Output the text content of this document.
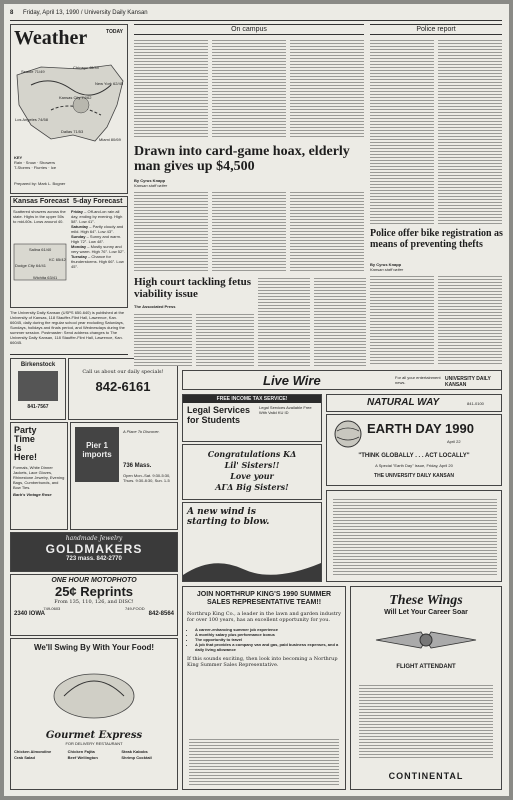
8 Friday, April 13, 1990 / University Daily Kansan
Weather	TODAY
Seattle 71/49
Chicago 48/39
New York 62/45
Kansas City 74/62
Los Angeles 74/58
Dallas 71/53
Miami 80/69
KEY
Rain · Snow · Showers
T-Storms · Flurries · Ice
Prepared by: Mark L. Bogner
Kansas Forecast 5-day Forecast
Scattered showers across the state. Highs in the upper 50s to mid-60s. Lows around 40.
Salina 61/40
Dodge City 64/41
KC 65/42
Wichita 63/41
Friday – Off-and-on rain all day, ending by evening. High 58°. Low 41°.
Saturday – Partly cloudy and mild. High 64°. Low 43°.
Sunday – Sunny and warm. High 72°. Low 48°.
Monday – Mostly sunny and very warm. High 76°. Low 52°.
Tuesday – Chance for thunderstorms. High 66°. Low 45°.
The University Daily Kansan (USPS 650-640) is published at the University of Kansas, 118 Stauffer-Flint Hall, Lawrence, Kan. 66045, daily during the regular school year excluding Saturdays, Sundays, holidays and finals period, and Wednesdays during the summer session. Postmaster: Send address changes to The University Daily Kansan, 118 Stauffer-Flint Hall, Lawrence, Kan. 66045.
Birkenstock
841-7567
Call us about our daily specials!
842-6161
Party
Time
Is
Here!
Formals, White Dinner Jackets, Lace Gloves, Rhinestone Jewelry, Evening Bags, Cumberbunds, and Bow Ties.
Barb's Vintage Rose
Pier 1 imports
A Place To Discover.
736 Mass.
Open Mon.-Sat. 9:30-5:30, Thurs. 9:30-8:30, Sun. 1-5
handmade Jewelry
GOLDMAKERS
723 mass. 842-2770
ONE HOUR MOTOPHOTO
25¢ Reprints
From 135, 110, 126, and DISC!
749-0603	749-FOOD
2340 IOWA	842-8564
We'll Swing By With Your Food!
Gourmet Express
FOR DELIVERY RESTAURANT
Chicken Almondine	Chicken Fajita	Steak Kabobs
Crab Salad	Beef Wellington	Shrimp Cocktail
On campus	Police report
Drawn into card-game hoax, elderly man gives up $4,500
By Cyrus Knapp
Kansan staff writer
High court tackling fetus viability issue
The Associated Press
Police offer bike registration as means of preventing thefts
By Cyrus Knapp
Kansan staff writer
Live Wire	For all your entertainment news.
UNIVERSITY DAILY KANSAN
FREE INCOME TAX SERVICE!
Legal Services for Students
Legal Services Available Free With Valid KU ID
NATURAL WAY	841-0100
EARTH DAY 1990
April 22
"THINK GLOBALLY . . . ACT LOCALLY"
A Special "Earth Day" Issue, Friday, April 20
THE UNIVERSITY DAILY KANSAN
Congratulations KΔ
Lil' Sisters!!
Love your
AΓΔ Big Sisters!
A new wind is starting to blow.
JOIN NORTHRUP KING'S 1990 SUMMER SALES REPRESENTATIVE TEAM!!
Northrup King Co., a leader in the lawn and garden industry for over 100 years, has an excellent opportunity for you.
• A career-enhancing summer job experience
• A monthly salary plus performance bonus
• The opportunity to travel
• A job that provides a company van and gas, paid business expenses, and a daily living allowance
If this sounds exciting, then look into becoming a Northrup King Summer Sales Representative.
These Wings
Will Let Your Career Soar
FLIGHT ATTENDANT
CONTINENTAL
